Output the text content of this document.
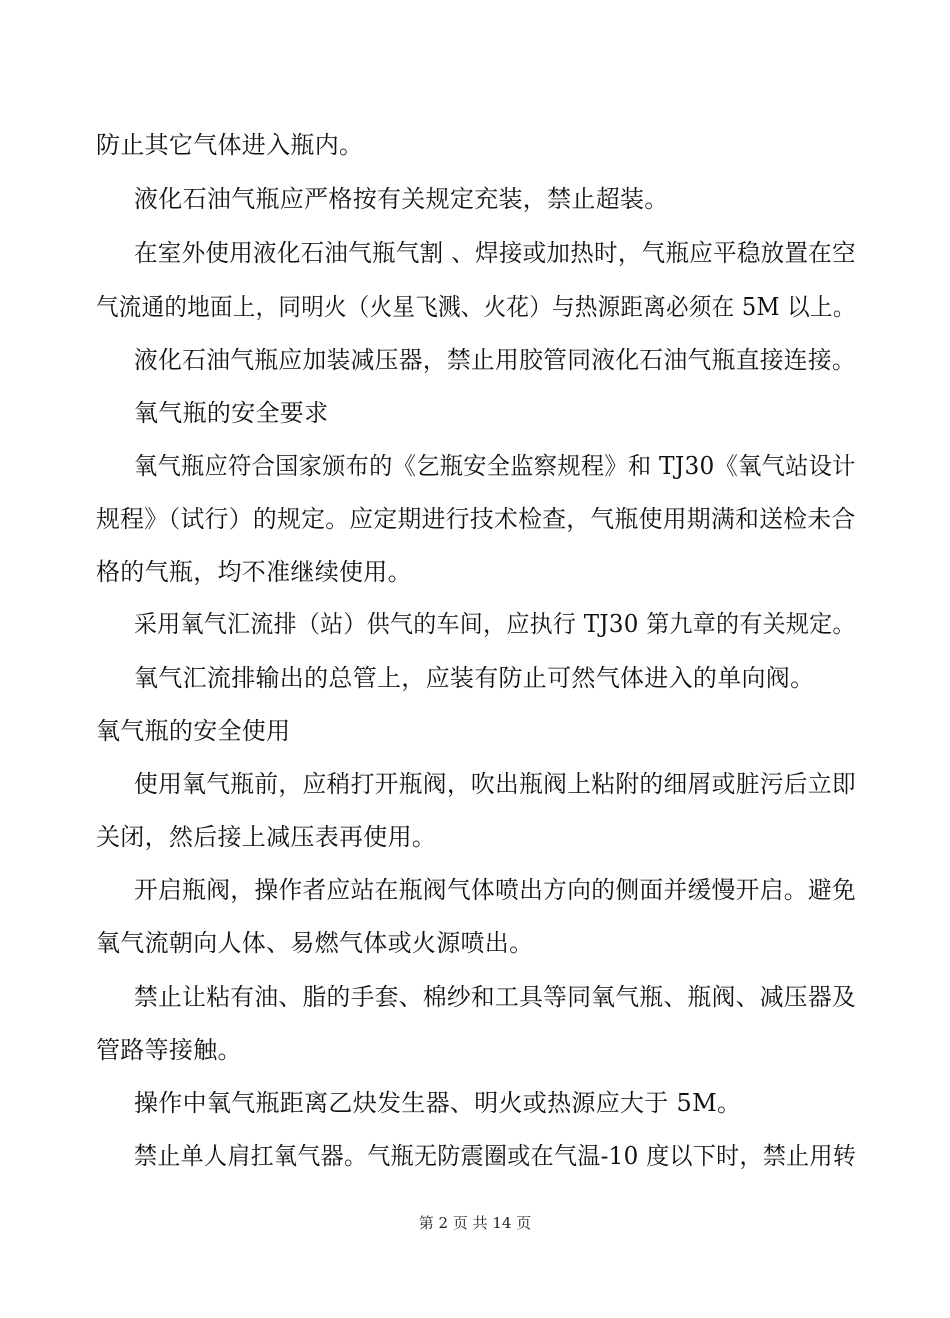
防止其它气体进入瓶内。
液化石油气瓶应严格按有关规定充装，禁止超装。
在室外使用液化石油气瓶气割 、焊接或加热时，气瓶应平稳放置在空
气流通的地面上，同明火（火星飞溅、火花）与热源距离必须在 5M 以上。
液化石油气瓶应加装减压器，禁止用胶管同液化石油气瓶直接连接。
氧气瓶的安全要求
氧气瓶应符合国家颁布的《乞瓶安全监察规程》和 TJ30《氧气站设计
规程》（试行）的规定。应定期进行技术检查，气瓶使用期满和送检未合
格的气瓶，均不准继续使用。
采用氧气汇流排（站）供气的车间，应执行 TJ30 第九章的有关规定。
氧气汇流排输出的总管上，应装有防止可然气体进入的单向阀。
氧气瓶的安全使用
使用氧气瓶前，应稍打开瓶阀，吹出瓶阀上粘附的细屑或脏污后立即
关闭，然后接上减压表再使用。
开启瓶阀，操作者应站在瓶阀气体喷出方向的侧面并缓慢开启。避免
氧气流朝向人体、易燃气体或火源喷出。
禁止让粘有油、脂的手套、棉纱和工具等同氧气瓶、瓶阀、减压器及
管路等接触。
操作中氧气瓶距离乙炔发生器、明火或热源应大于 5M。
禁止单人肩扛氧气器。气瓶无防震圈或在气温-10 度以下时，禁止用转
第 2 页 共 14 页
